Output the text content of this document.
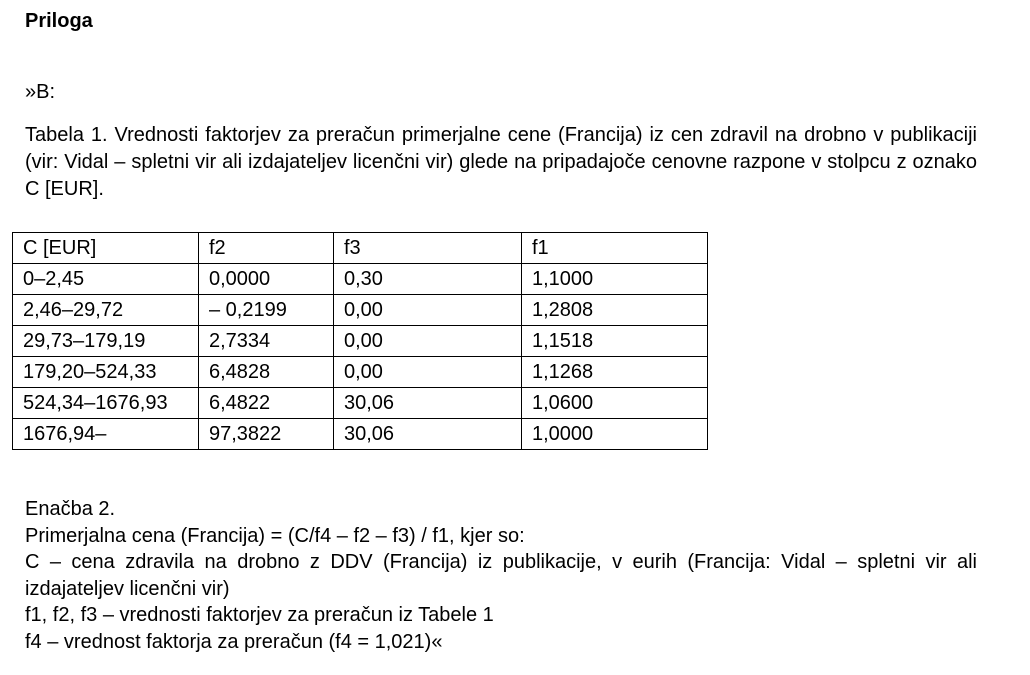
Priloga
»B:
Tabela 1. Vrednosti faktorjev za preračun primerjalne cene (Francija) iz cen zdravil na drobno v publikaciji (vir: Vidal – spletni vir ali izdajateljev licenčni vir) glede na pripadajoče cenovne razpone v stolpcu z oznako C [EUR].
C [EUR]	f2	f3	f1
0–2,45	0,0000	0,30	1,1000
2,46–29,72	– 0,2199	0,00	1,2808
29,73–179,19	2,7334	0,00	1,1518
179,20–524,33	6,4828	0,00	1,1268
524,34–1676,93	6,4822	30,06	1,0600
1676,94–	97,3822	30,06	1,0000
Enačba 2.
Primerjalna cena (Francija) = (C/f4 – f2 – f3) / f1, kjer so:
C – cena zdravila na drobno z DDV (Francija) iz publikacije, v eurih (Francija: Vidal – spletni vir ali izdajateljev licenčni vir)
f1, f2, f3 – vrednosti faktorjev za preračun iz Tabele 1
f4 – vrednost faktorja za preračun (f4 = 1,021)«
